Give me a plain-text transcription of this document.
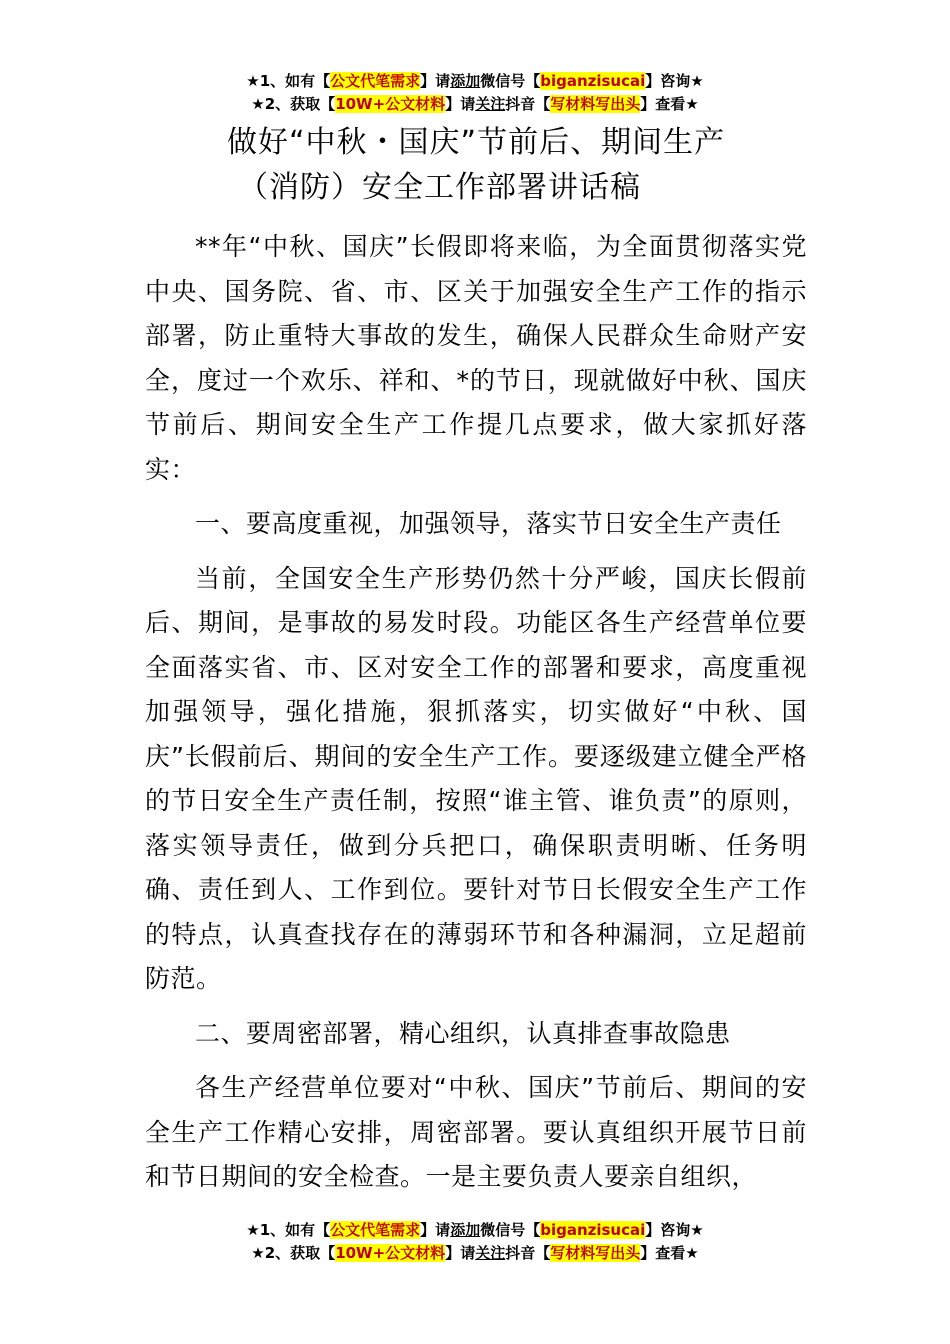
★1、如有【公文代笔需求】请添加微信号【biganzisucai】咨询★
★2、获取【10W+公文材料】请关注抖音【写材料写出头】查看★
做好“中秋・国庆”节前后、期间生产
（消防）安全工作部署讲话稿

**年“中秋、国庆”长假即将来临，为全面贯彻落实党中央、国务院、省、市、区关于加强安全生产工作的指示部署，防止重特大事故的发生，确保人民群众生命财产安全，度过一个欢乐、祥和、*的节日，现就做好中秋、国庆节前后、期间安全生产工作提几点要求，做大家抓好落实：

一、要高度重视，加强领导，落实节日安全生产责任

当前，全国安全生产形势仍然十分严峻，国庆长假前后、期间，是事故的易发时段。功能区各生产经营单位要全面落实省、市、区对安全工作的部署和要求，高度重视加强领导，强化措施，狠抓落实，切实做好“中秋、国庆”长假前后、期间的安全生产工作。要逐级建立健全严格的节日安全生产责任制，按照“谁主管、谁负责”的原则，落实领导责任，做到分兵把口，确保职责明晰、任务明确、责任到人、工作到位。要针对节日长假安全生产工作的特点，认真查找存在的薄弱环节和各种漏洞，立足超前防范。

二、要周密部署，精心组织，认真排查事故隐患

各生产经营单位要对“中秋、国庆”节前后、期间的安全生产工作精心安排，周密部署。要认真组织开展节日前和节日期间的安全检查。一是主要负责人要亲自组织，

★1、如有【公文代笔需求】请添加微信号【biganzisucai】咨询★
★2、获取【10W+公文材料】请关注抖音【写材料写出头】查看★
